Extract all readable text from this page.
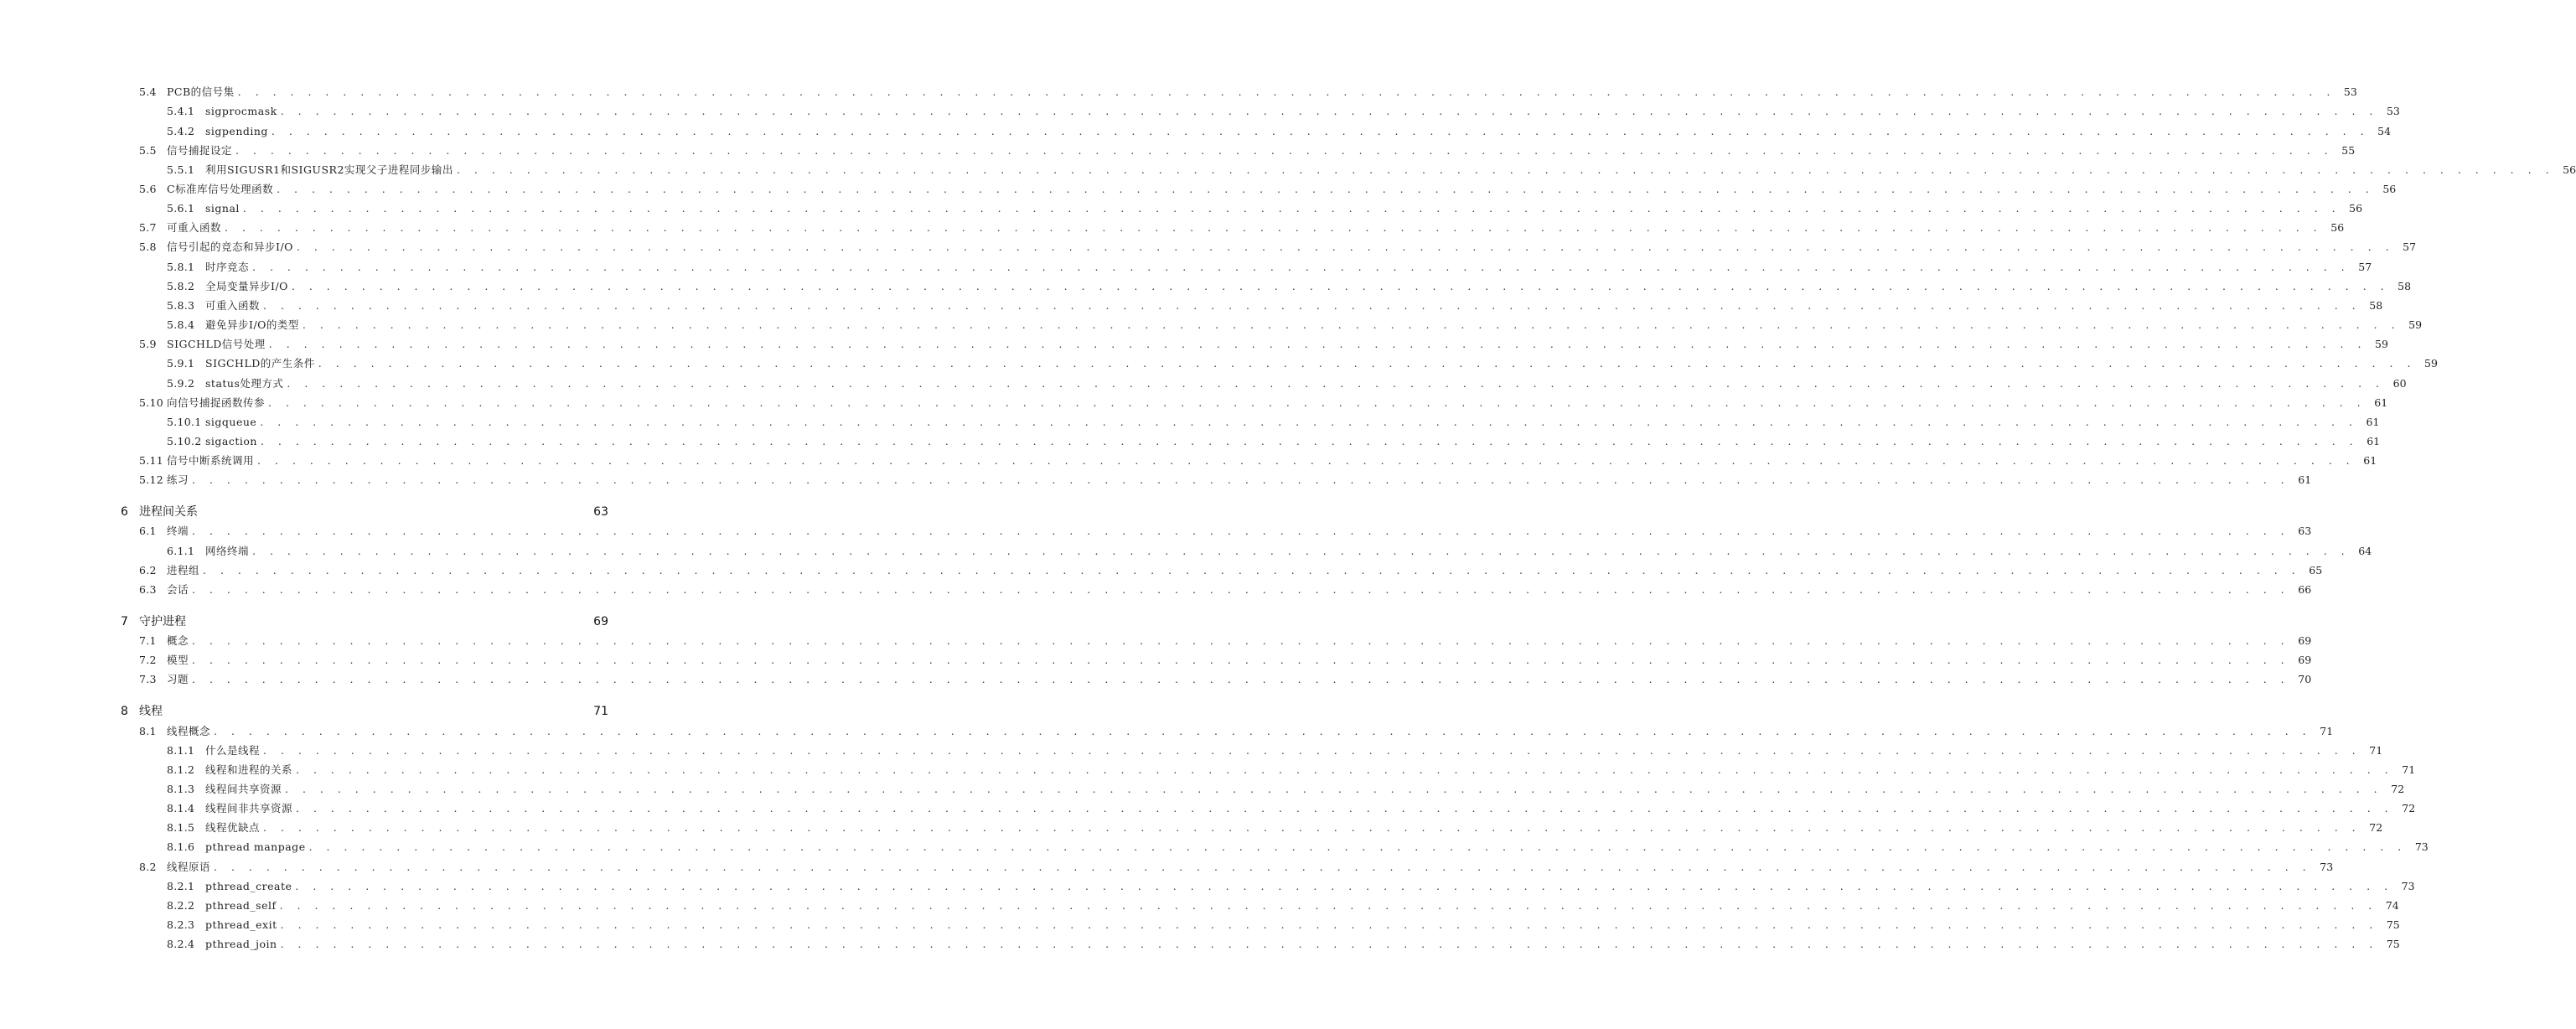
5.4 PCB的信号集 . . . . . . . . . . . . . . . . . . . . . . . . . . . . . . . . . . . . . . . . . . . . . . . . . . . . . . . . . . . . . . . . . . . . . . . . . . . . . . . . . . . . . . . . . . . . . . . . . . . . . . . . . . . . . . . . . . . . . . . . 53
5.4.1	sigprocmask . . . . . . . . . . . . . . . . . . . . . . . . . . . . . . . . . . . . . . . . . . . . . . . . . . . . . . . . . . . . . . . . . . . . . . . . . . . . . . . . . . . . . . . . . . . . . . . . . . . . . . . . . . . . . . . . . . . . . . . . 53
5.4.2	sigpending . . . . . . . . . . . . . . . . . . . . . . . . . . . . . . . . . . . . . . . . . . . . . . . . . . . . . . . . . . . . . . . . . . . . . . . . . . . . . . . . . . . . . . . . . . . . . . . . . . . . . . . . . . . . . . . . . . . . . . . . 54
5.5 信号捕捉设定 . . . . . . . . . . . . . . . . . . . . . . . . . . . . . . . . . . . . . . . . . . . . . . . . . . . . . . . . . . . . . . . . . . . . . . . . . . . . . . . . . . . . . . . . . . . . . . . . . . . . . . . . . . . . . . . . . . . . . . . . 55
5.5.1	利用SIGUSR1和SIGUSR2实现父子进程同步输出 . . . . . . . . . . . . . . . . . . . . . . . . . . . . . . . . . . . . . . . . . . . . . . . . . . . . . . . . . . . . . . . . . . . . . . . . . . . . . . . . . . . . . . . . . . . . . . . . . . . . . . . . . . . . . . . . . . . . . . . . 56
5.6 C标准库信号处理函数 . . . . . . . . . . . . . . . . . . . . . . . . . . . . . . . . . . . . . . . . . . . . . . . . . . . . . . . . . . . . . . . . . . . . . . . . . . . . . . . . . . . . . . . . . . . . . . . . . . . . . . . . . . . . . . . . . . . . . . . . 56
5.6.1	signal . . . . . . . . . . . . . . . . . . . . . . . . . . . . . . . . . . . . . . . . . . . . . . . . . . . . . . . . . . . . . . . . . . . . . . . . . . . . . . . . . . . . . . . . . . . . . . . . . . . . . . . . . . . . . . . . . . . . . . . . 56
5.7 可重入函数 . . . . . . . . . . . . . . . . . . . . . . . . . . . . . . . . . . . . . . . . . . . . . . . . . . . . . . . . . . . . . . . . . . . . . . . . . . . . . . . . . . . . . . . . . . . . . . . . . . . . . . . . . . . . . . . . . . . . . . . . 56
5.8 信号引起的竞态和异步I/O . . . . . . . . . . . . . . . . . . . . . . . . . . . . . . . . . . . . . . . . . . . . . . . . . . . . . . . . . . . . . . . . . . . . . . . . . . . . . . . . . . . . . . . . . . . . . . . . . . . . . . . . . . . . . . . . . . . . . . . . 57
5.8.1	时序竞态 . . . . . . . . . . . . . . . . . . . . . . . . . . . . . . . . . . . . . . . . . . . . . . . . . . . . . . . . . . . . . . . . . . . . . . . . . . . . . . . . . . . . . . . . . . . . . . . . . . . . . . . . . . . . . . . . . . . . . . . . 57
5.8.2	全局变量异步I/O . . . . . . . . . . . . . . . . . . . . . . . . . . . . . . . . . . . . . . . . . . . . . . . . . . . . . . . . . . . . . . . . . . . . . . . . . . . . . . . . . . . . . . . . . . . . . . . . . . . . . . . . . . . . . . . . . . . . . . . . 58
5.8.3	可重入函数 . . . . . . . . . . . . . . . . . . . . . . . . . . . . . . . . . . . . . . . . . . . . . . . . . . . . . . . . . . . . . . . . . . . . . . . . . . . . . . . . . . . . . . . . . . . . . . . . . . . . . . . . . . . . . . . . . . . . . . . . 58
5.8.4	避免异步I/O的类型 . . . . . . . . . . . . . . . . . . . . . . . . . . . . . . . . . . . . . . . . . . . . . . . . . . . . . . . . . . . . . . . . . . . . . . . . . . . . . . . . . . . . . . . . . . . . . . . . . . . . . . . . . . . . . . . . . . . . . . . . 59
5.9 SIGCHLD信号处理 . . . . . . . . . . . . . . . . . . . . . . . . . . . . . . . . . . . . . . . . . . . . . . . . . . . . . . . . . . . . . . . . . . . . . . . . . . . . . . . . . . . . . . . . . . . . . . . . . . . . . . . . . . . . . . . . . . . . . . . . 59
5.9.1	SIGCHLD的产生条件 . . . . . . . . . . . . . . . . . . . . . . . . . . . . . . . . . . . . . . . . . . . . . . . . . . . . . . . . . . . . . . . . . . . . . . . . . . . . . . . . . . . . . . . . . . . . . . . . . . . . . . . . . . . . . . . . . . . . . . . . 59
5.9.2	status处理方式 . . . . . . . . . . . . . . . . . . . . . . . . . . . . . . . . . . . . . . . . . . . . . . . . . . . . . . . . . . . . . . . . . . . . . . . . . . . . . . . . . . . . . . . . . . . . . . . . . . . . . . . . . . . . . . . . . . . . . . . . 60
5.10 向信号捕捉函数传参 . . . . . . . . . . . . . . . . . . . . . . . . . . . . . . . . . . . . . . . . . . . . . . . . . . . . . . . . . . . . . . . . . . . . . . . . . . . . . . . . . . . . . . . . . . . . . . . . . . . . . . . . . . . . . . . . . . . . . . . . 61
5.10.1 sigqueue . . . . . . . . . . . . . . . . . . . . . . . . . . . . . . . . . . . . . . . . . . . . . . . . . . . . . . . . . . . . . . . . . . . . . . . . . . . . . . . . . . . . . . . . . . . . . . . . . . . . . . . . . . . . . . . . . . . . . . . . 61
5.10.2 sigaction . . . . . . . . . . . . . . . . . . . . . . . . . . . . . . . . . . . . . . . . . . . . . . . . . . . . . . . . . . . . . . . . . . . . . . . . . . . . . . . . . . . . . . . . . . . . . . . . . . . . . . . . . . . . . . . . . . . . . . . . 61
5.11 信号中断系统调用 . . . . . . . . . . . . . . . . . . . . . . . . . . . . . . . . . . . . . . . . . . . . . . . . . . . . . . . . . . . . . . . . . . . . . . . . . . . . . . . . . . . . . . . . . . . . . . . . . . . . . . . . . . . . . . . . . . . . . . . . 61
5.12 练习 . . . . . . . . . . . . . . . . . . . . . . . . . . . . . . . . . . . . . . . . . . . . . . . . . . . . . . . . . . . . . . . . . . . . . . . . . . . . . . . . . . . . . . . . . . . . . . . . . . . . . . . . . . . . . . . . . . . . . . . . 61
6 进程间关系	63
6.1 终端 . . . . . . . . . . . . . . . . . . . . . . . . . . . . . . . . . . . . . . . . . . . . . . . . . . . . . . . . . . . . . . . . . . . . . . . . . . . . . . . . . . . . . . . . . . . . . . . . . . . . . . . . . . . . . . . . . . . . . . . . 63
6.1.1	网络终端 . . . . . . . . . . . . . . . . . . . . . . . . . . . . . . . . . . . . . . . . . . . . . . . . . . . . . . . . . . . . . . . . . . . . . . . . . . . . . . . . . . . . . . . . . . . . . . . . . . . . . . . . . . . . . . . . . . . . . . . . 64
6.2 进程组 . . . . . . . . . . . . . . . . . . . . . . . . . . . . . . . . . . . . . . . . . . . . . . . . . . . . . . . . . . . . . . . . . . . . . . . . . . . . . . . . . . . . . . . . . . . . . . . . . . . . . . . . . . . . . . . . . . . . . . . . 65
6.3 会话 . . . . . . . . . . . . . . . . . . . . . . . . . . . . . . . . . . . . . . . . . . . . . . . . . . . . . . . . . . . . . . . . . . . . . . . . . . . . . . . . . . . . . . . . . . . . . . . . . . . . . . . . . . . . . . . . . . . . . . . . 66
7 守护进程	69
7.1 概念 . . . . . . . . . . . . . . . . . . . . . . . . . . . . . . . . . . . . . . . . . . . . . . . . . . . . . . . . . . . . . . . . . . . . . . . . . . . . . . . . . . . . . . . . . . . . . . . . . . . . . . . . . . . . . . . . . . . . . . . . 69
7.2 模型 . . . . . . . . . . . . . . . . . . . . . . . . . . . . . . . . . . . . . . . . . . . . . . . . . . . . . . . . . . . . . . . . . . . . . . . . . . . . . . . . . . . . . . . . . . . . . . . . . . . . . . . . . . . . . . . . . . . . . . . . 69
7.3 习题 . . . . . . . . . . . . . . . . . . . . . . . . . . . . . . . . . . . . . . . . . . . . . . . . . . . . . . . . . . . . . . . . . . . . . . . . . . . . . . . . . . . . . . . . . . . . . . . . . . . . . . . . . . . . . . . . . . . . . . . . 70
8 线程	71
8.1 线程概念 . . . . . . . . . . . . . . . . . . . . . . . . . . . . . . . . . . . . . . . . . . . . . . . . . . . . . . . . . . . . . . . . . . . . . . . . . . . . . . . . . . . . . . . . . . . . . . . . . . . . . . . . . . . . . . . . . . . . . . . . 71
8.1.1	什么是线程 . . . . . . . . . . . . . . . . . . . . . . . . . . . . . . . . . . . . . . . . . . . . . . . . . . . . . . . . . . . . . . . . . . . . . . . . . . . . . . . . . . . . . . . . . . . . . . . . . . . . . . . . . . . . . . . . . . . . . . . . 71
8.1.2	线程和进程的关系 . . . . . . . . . . . . . . . . . . . . . . . . . . . . . . . . . . . . . . . . . . . . . . . . . . . . . . . . . . . . . . . . . . . . . . . . . . . . . . . . . . . . . . . . . . . . . . . . . . . . . . . . . . . . . . . . . . . . . . . . 71
8.1.3	线程间共享资源 . . . . . . . . . . . . . . . . . . . . . . . . . . . . . . . . . . . . . . . . . . . . . . . . . . . . . . . . . . . . . . . . . . . . . . . . . . . . . . . . . . . . . . . . . . . . . . . . . . . . . . . . . . . . . . . . . . . . . . . . 72
8.1.4	线程间非共享资源 . . . . . . . . . . . . . . . . . . . . . . . . . . . . . . . . . . . . . . . . . . . . . . . . . . . . . . . . . . . . . . . . . . . . . . . . . . . . . . . . . . . . . . . . . . . . . . . . . . . . . . . . . . . . . . . . . . . . . . . . 72
8.1.5	线程优缺点 . . . . . . . . . . . . . . . . . . . . . . . . . . . . . . . . . . . . . . . . . . . . . . . . . . . . . . . . . . . . . . . . . . . . . . . . . . . . . . . . . . . . . . . . . . . . . . . . . . . . . . . . . . . . . . . . . . . . . . . . 72
8.1.6	pthread manpage . . . . . . . . . . . . . . . . . . . . . . . . . . . . . . . . . . . . . . . . . . . . . . . . . . . . . . . . . . . . . . . . . . . . . . . . . . . . . . . . . . . . . . . . . . . . . . . . . . . . . . . . . . . . . . . . . . . . . . . . 73
8.2 线程原语 . . . . . . . . . . . . . . . . . . . . . . . . . . . . . . . . . . . . . . . . . . . . . . . . . . . . . . . . . . . . . . . . . . . . . . . . . . . . . . . . . . . . . . . . . . . . . . . . . . . . . . . . . . . . . . . . . . . . . . . . 73
8.2.1	pthread_create . . . . . . . . . . . . . . . . . . . . . . . . . . . . . . . . . . . . . . . . . . . . . . . . . . . . . . . . . . . . . . . . . . . . . . . . . . . . . . . . . . . . . . . . . . . . . . . . . . . . . . . . . . . . . . . . . . . . . . . . 73
8.2.2	pthread_self . . . . . . . . . . . . . . . . . . . . . . . . . . . . . . . . . . . . . . . . . . . . . . . . . . . . . . . . . . . . . . . . . . . . . . . . . . . . . . . . . . . . . . . . . . . . . . . . . . . . . . . . . . . . . . . . . . . . . . . . 74
8.2.3	pthread_exit . . . . . . . . . . . . . . . . . . . . . . . . . . . . . . . . . . . . . . . . . . . . . . . . . . . . . . . . . . . . . . . . . . . . . . . . . . . . . . . . . . . . . . . . . . . . . . . . . . . . . . . . . . . . . . . . . . . . . . . . 75
8.2.4	pthread_join . . . . . . . . . . . . . . . . . . . . . . . . . . . . . . . . . . . . . . . . . . . . . . . . . . . . . . . . . . . . . . . . . . . . . . . . . . . . . . . . . . . . . . . . . . . . . . . . . . . . . . . . . . . . . . . . . . . . . . . . 75
